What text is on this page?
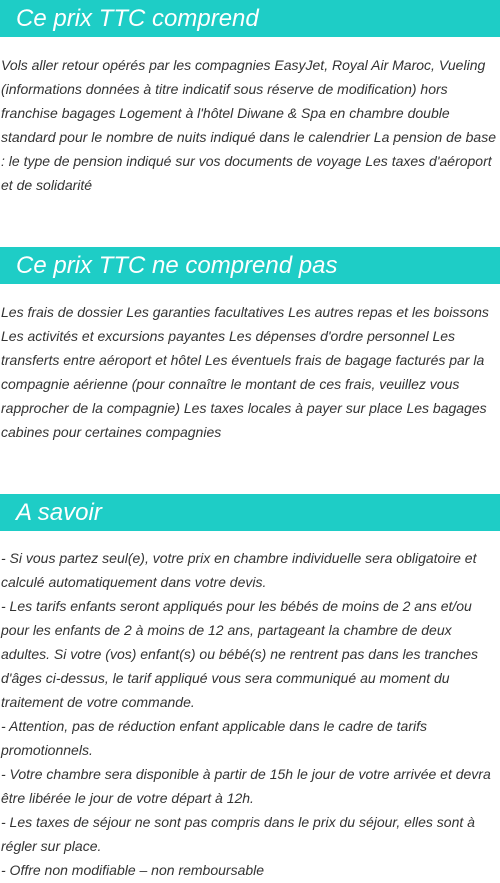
Ce prix TTC comprend

Vols aller retour opérés par les compagnies EasyJet, Royal Air Maroc, Vueling (informations données à titre indicatif sous réserve de modification) hors franchise bagages Logement à l'hôtel Diwane & Spa en chambre double standard pour le nombre de nuits indiqué dans le calendrier La pension de base : le type de pension indiqué sur vos documents de voyage Les taxes d'aéroport et de solidarité

Ce prix TTC ne comprend pas

Les frais de dossier Les garanties facultatives Les autres repas et les boissons Les activités et excursions payantes Les dépenses d'ordre personnel Les transferts entre aéroport et hôtel Les éventuels frais de bagage facturés par la compagnie aérienne (pour connaître le montant de ces frais, veuillez vous rapprocher de la compagnie) Les taxes locales à payer sur place Les bagages cabines pour certaines compagnies

A savoir

- Si vous partez seul(e), votre prix en chambre individuelle sera obligatoire et calculé automatiquement dans votre devis.
- Les tarifs enfants seront appliqués pour les bébés de moins de 2 ans et/ou pour les enfants de 2 à moins de 12 ans, partageant la chambre de deux adultes. Si votre (vos) enfant(s) ou bébé(s) ne rentrent pas dans les tranches d'âges ci-dessus, le tarif appliqué vous sera communiqué au moment du traitement de votre commande.
- Attention, pas de réduction enfant applicable dans le cadre de tarifs promotionnels.
- Votre chambre sera disponible à partir de 15h le jour de votre arrivée et devra être libérée le jour de votre départ à 12h.
- Les taxes de séjour ne sont pas compris dans le prix du séjour, elles sont à régler sur place.
- Offre non modifiable – non remboursable
